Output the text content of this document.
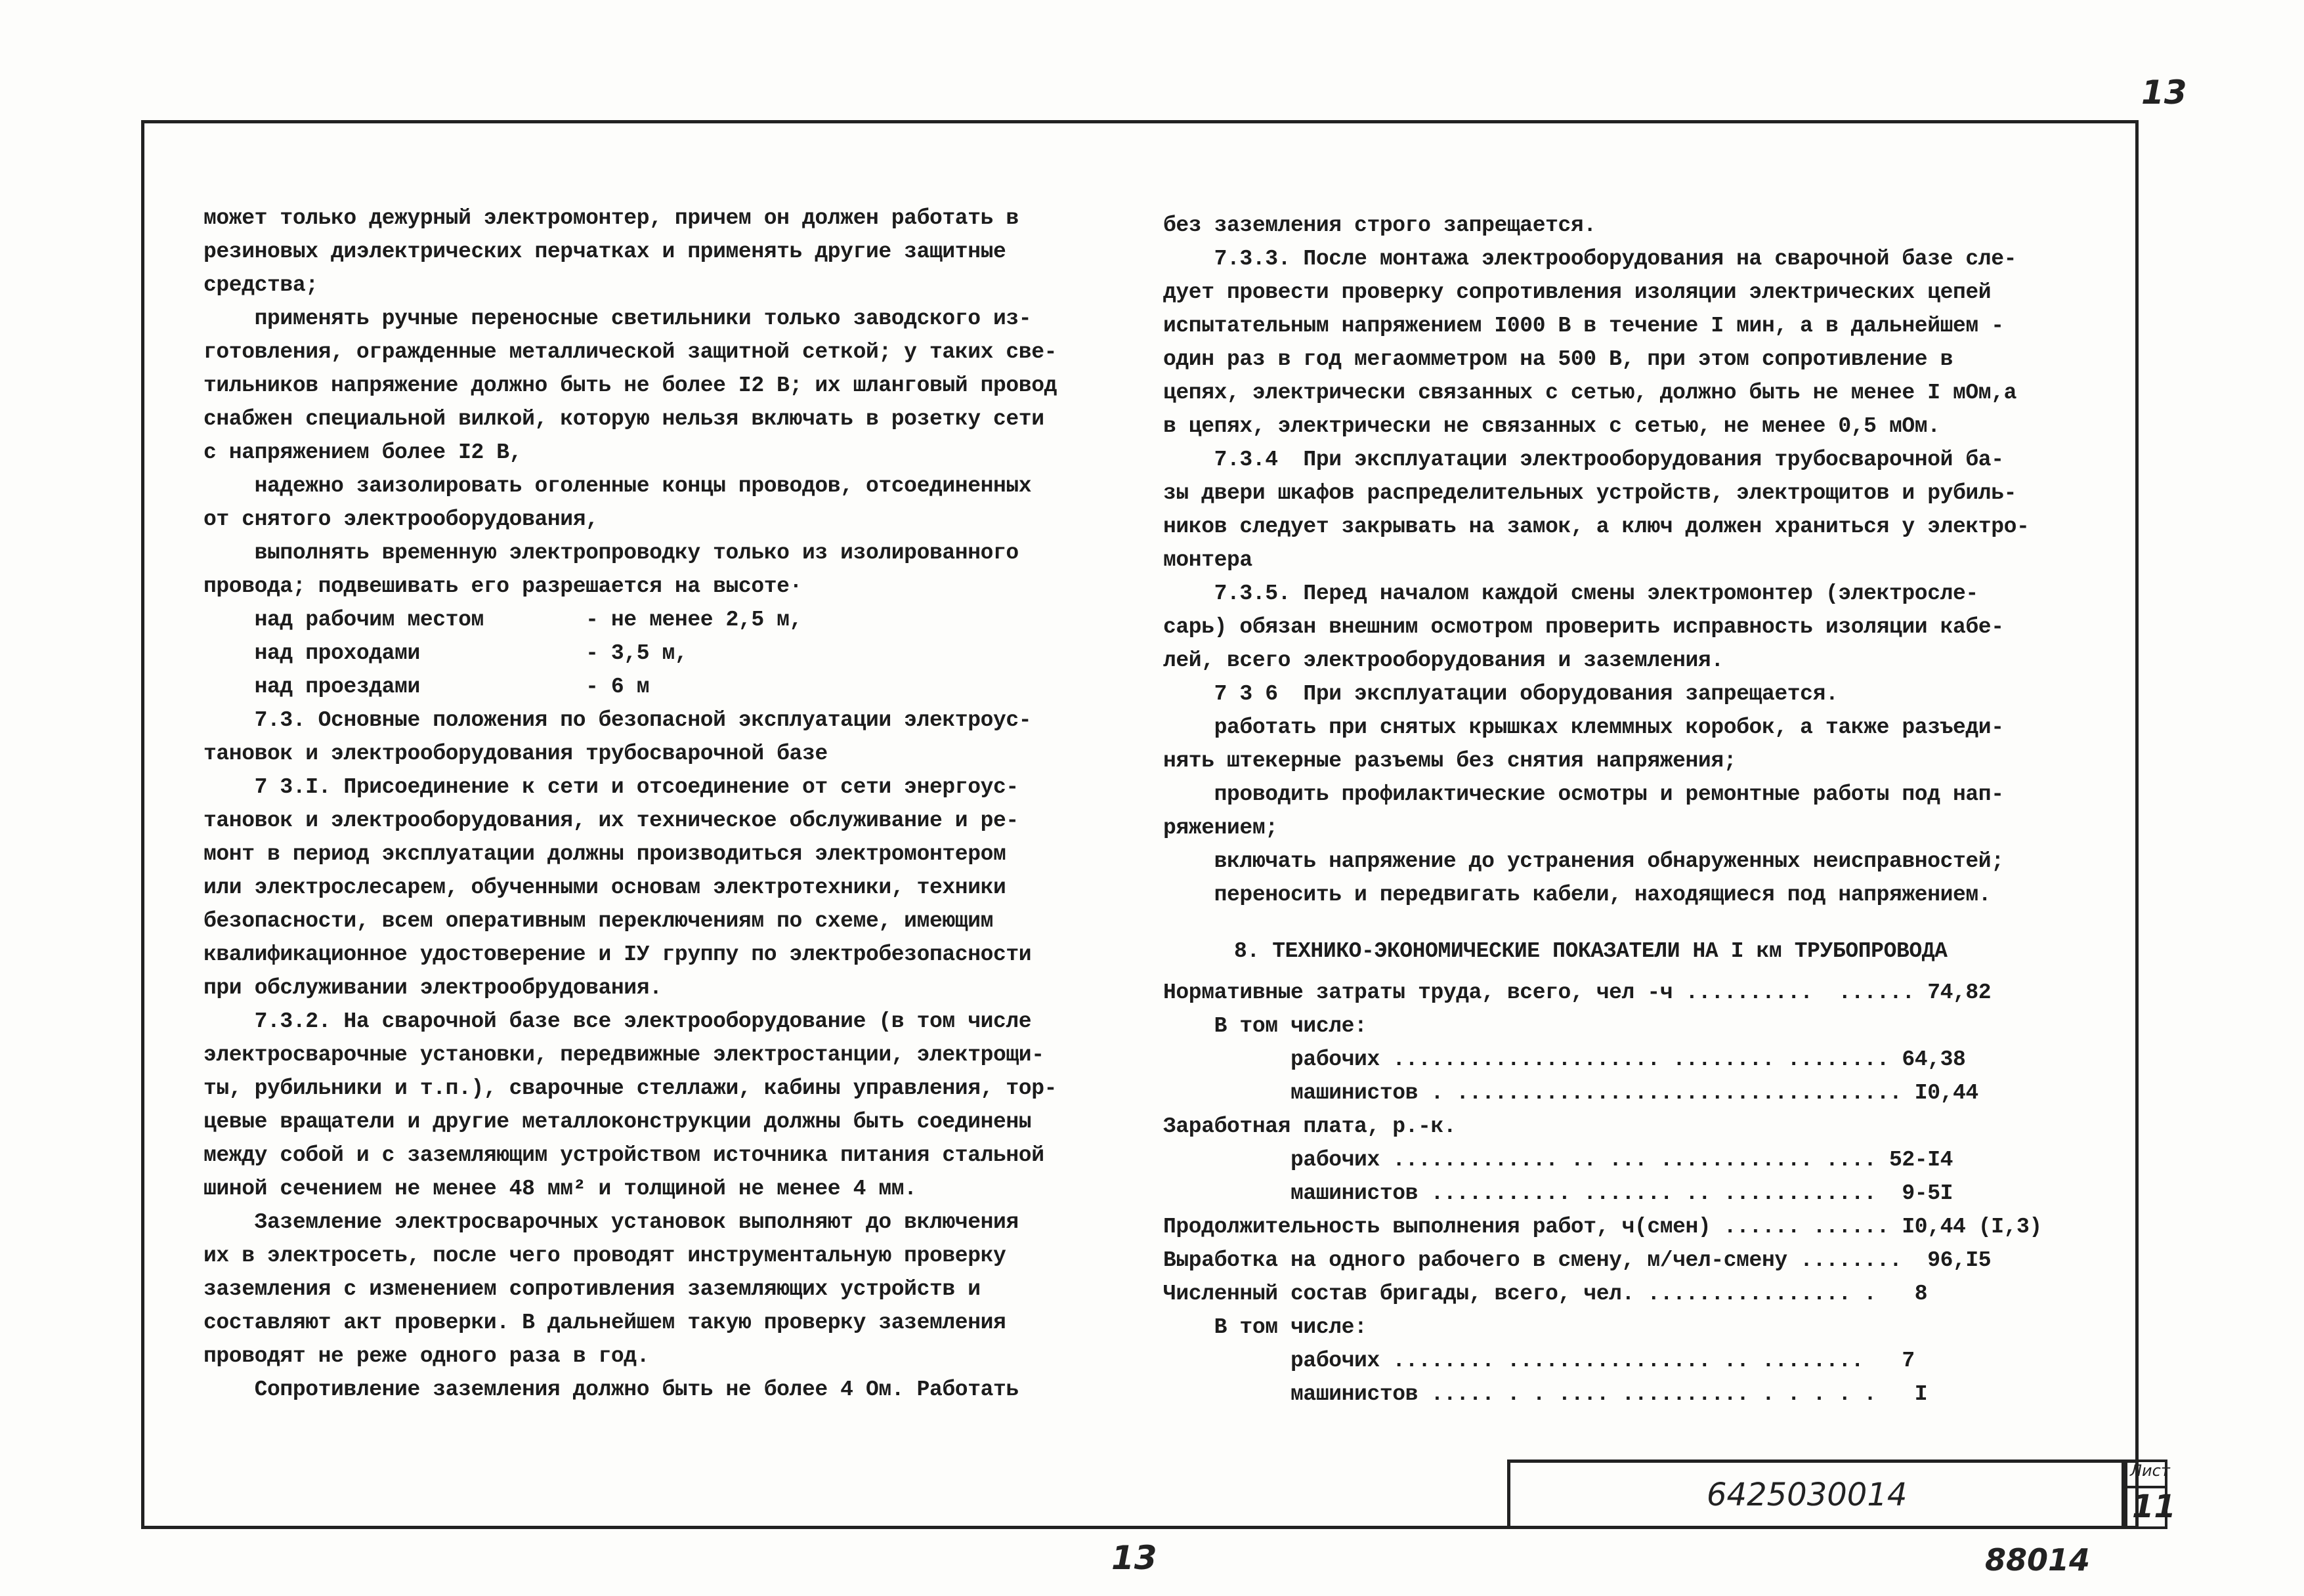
13
13	88014
может только дежурный электромонтер, причем он должен работать в
резиновых диэлектрических перчатках и применять другие защитные
средства;
применять ручные переносные светильники только заводского из-
готовления, огражденные металлической защитной сеткой; у таких све-
тильников напряжение должно быть не более I2 В; их шланговый провод
снабжен специальной вилкой, которую нельзя включать в розетку сети
с напряжением более I2 В,
надежно заизолировать оголенные концы проводов, отсоединенных
от снятого электрооборудования,
выполнять временную электропроводку только из изолированного
провода; подвешивать его разрешается на высоте·
над рабочим местом        - не менее 2,5 м,
над проходами             - 3,5 м,
над проездами             - 6 м
7.3. Основные положения по безопасной эксплуатации электроус-
тановок и электрооборудования трубосварочной базе
7 3.I. Присоединение к сети и отсоединение от сети энергоус-
тановок и электрооборудования, их техническое обслуживание и ре-
монт в период эксплуатации должны производиться электромонтером
или электрослесарем, обученными основам электротехники, техники
безопасности, всем оперативным переключениям по схеме, имеющим
квалификационное удостоверение и IУ группу по электробезопасности
при обслуживании электрообрудования.
7.3.2. На сварочной базе все электрооборудование (в том числе
электросварочные установки, передвижные электростанции, электрощи-
ты, рубильники и т.п.), сварочные стеллажи, кабины управления, тор-
цевые вращатели и другие металлоконструкции должны быть соединены
между собой и с заземляющим устройством источника питания стальной
шиной сечением не менее 48 мм² и толщиной не менее 4 мм.
Заземление электросварочных установок выполняют до включения
их в электросеть, после чего проводят инструментальную проверку
заземления с изменением сопротивления заземляющих устройств и
составляют акт проверки. В дальнейшем такую проверку заземления
проводят не реже одного раза в год.
Сопротивление заземления должно быть не более 4 Ом. Работать
без заземления строго запрещается.
7.3.3. После монтажа электрооборудования на сварочной базе сле-
дует провести проверку сопротивления изоляции электрических цепей
испытательным напряжением I000 В в течение I мин, а в дальнейшем -
один раз в год мегаомметром на 500 В, при этом сопротивление в
цепях, электрически связанных с сетью, должно быть не менее I мОм,а
в цепях, электрически не связанных с сетью, не менее 0,5 мОм.
7.3.4  При эксплуатации электрооборудования трубосварочной ба-
зы двери шкафов распределительных устройств, электрощитов и рубиль-
ников следует закрывать на замок, а ключ должен храниться у электро-
монтера
7.3.5. Перед началом каждой смены электромонтер (электросле-
сарь) обязан внешним осмотром проверить исправность изоляции кабе-
лей, всего электрооборудования и заземления.
7 3 6  При эксплуатации оборудования запрещается.
работать при снятых крышках клеммных коробок, а также разъеди-
нять штекерные разъемы без снятия напряжения;
проводить профилактические осмотры и ремонтные работы под нап-
ряжением;
включать напряжение до устранения обнаруженных неисправностей;
переносить и передвигать кабели, находящиеся под напряжением.
8. ТЕХНИКО-ЭКОНОМИЧЕСКИЕ ПОКАЗАТЕЛИ НА I км ТРУБОПРОВОДА
Нормативные затраты труда, всего, чел -ч ..........  ...... 74,82
В том числе:
рабочих ..................... ........ ........ 64,38
машинистов . ................................... I0,44
Заработная плата, р.-к.
рабочих ............. .. ... ............ .... 52-I4
машинистов ........... ....... .. ............  9-5I
Продолжительность выполнения работ, ч(смен) ...... ...... I0,44 (I,3)
Выработка на одного рабочего в смену, м/чел-смену ........  96,I5
Численный состав бригады, всего, чел. ................ .   8
В том числе:
рабочих ........ ................ .. ........   7
машинистов ..... . . .... .......... . . . . .   I
6425030014
Лист
11
